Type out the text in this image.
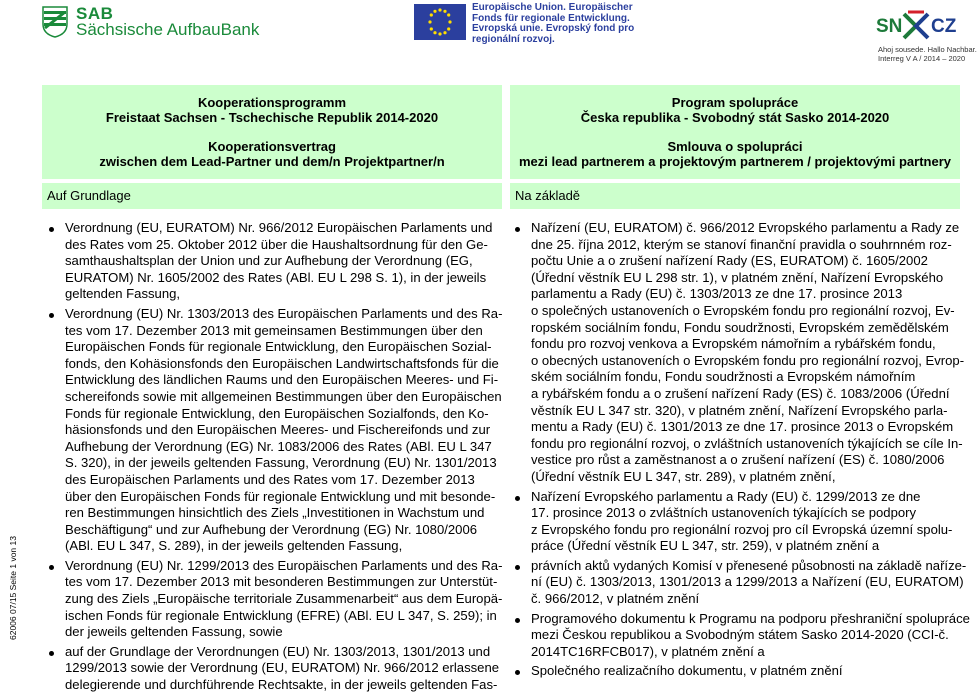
SAB
Sächsische AufbauBank
Europäische Union. Europäischer
Fonds für regionale Entwicklung.
Evropská unie. Evropský fond pro
regionální rozvoj.
SN CZ
Ahoj sousede. Hallo Nachbar.
Interreg V A / 2014 – 2020
Kooperationsprogramm
Freistaat Sachsen - Tschechische Republik 2014-2020
Kooperationsvertrag
zwischen dem Lead-Partner und dem/n Projektpartner/n
Program spolupráce
Česka republika - Svobodný stát Sasko 2014-2020
Smlouva o spolupráci
mezi lead partnerem a projektovým partnerem / projektovými partnery
Auf Grundlage	Na základě
Verordnung (EU, EURATOM) Nr. 966/2012 Europäischen Parlaments und
des Rates vom 25. Oktober 2012 über die Haushaltsordnung für den Ge-
samthaushaltsplan der Union und zur Aufhebung der Verordnung (EG,
EURATOM) Nr. 1605/2002 des Rates (ABl. EU L 298 S. 1), in der jeweils
geltenden Fassung,
Verordnung (EU) Nr. 1303/2013 des Europäischen Parlaments und des Ra-
tes vom 17. Dezember 2013 mit gemeinsamen Bestimmungen über den
Europäischen Fonds für regionale Entwicklung, den Europäischen Sozial-
fonds, den Kohäsionsfonds den Europäischen Landwirtschaftsfonds für die
Entwicklung des ländlichen Raums und den Europäischen Meeres- und Fi-
schereifonds sowie mit allgemeinen Bestimmungen über den Europäischen
Fonds für regionale Entwicklung, den Europäischen Sozialfonds, den Ko-
häsionsfonds und den Europäischen Meeres- und Fischereifonds und zur
Aufhebung der Verordnung (EG) Nr. 1083/2006 des Rates (ABl. EU L 347
S. 320), in der jeweils geltenden Fassung, Verordnung (EU) Nr. 1301/2013
des Europäischen Parlaments und des Rates vom 17. Dezember 2013
über den Europäischen Fonds für regionale Entwicklung und mit besonde-
ren Bestimmungen hinsichtlich des Ziels „Investitionen in Wachstum und
Beschäftigung“ und zur Aufhebung der Verordnung (EG) Nr. 1080/2006
(ABl. EU L 347, S. 289), in der jeweils geltenden Fassung,
Verordnung (EU) Nr. 1299/2013 des Europäischen Parlaments und des Ra-
tes vom 17. Dezember 2013 mit besonderen Bestimmungen zur Unterstüt-
zung des Ziels „Europäische territoriale Zusammenarbeit“ aus dem Europä-
ischen Fonds für regionale Entwicklung (EFRE) (ABl. EU L 347, S. 259); in
der jeweils geltenden Fassung, sowie
auf der Grundlage der Verordnungen (EU) Nr. 1303/2013, 1301/2013 und
1299/2013 sowie der Verordnung (EU, EURATOM) Nr. 966/2012 erlassene
delegierende und durchführende Rechtsakte, in der jeweils geltenden Fas-
Nařízení (EU, EURATOM) č. 966/2012 Evropského parlamentu a Rady ze
dne 25. října 2012, kterým se stanoví finanční pravidla o souhrnném roz-
počtu Unie a o zrušení nařízení Rady (ES, EURATOM) č. 1605/2002
(Úřední věstník EU L 298 str. 1), v platném znění, Nařízení Evropského
parlamentu a Rady (EU) č. 1303/2013 ze dne 17. prosince 2013
o společných ustanoveních o Evropském fondu pro regionální rozvoj, Ev-
ropském sociálním fondu, Fondu soudržnosti, Evropském zemědělském
fondu pro rozvoj venkova a Evropském námořním a rybářském fondu,
o obecných ustanoveních o Evropském fondu pro regionální rozvoj, Evrop-
ském sociálním fondu, Fondu soudržnosti a Evropském námořním
a rybářském fondu a o zrušení nařízení Rady (ES) č. 1083/2006 (Úřední
věstník EU L 347 str. 320), v platném znění, Nařízení Evropského parla-
mentu a Rady (EU) č. 1301/2013 ze dne 17. prosince 2013 o Evropském
fondu pro regionální rozvoj, o zvláštních ustanoveních týkajících se cíle In-
vestice pro růst a zaměstnanost a o zrušení nařízení (ES) č. 1080/2006
(Úřední věstník EU L 347, str. 289), v platném znění,
Nařízení Evropského parlamentu a Rady (EU) č. 1299/2013 ze dne
17. prosince 2013 o zvláštních ustanoveních týkajících se podpory
z Evropského fondu pro regionální rozvoj pro cíl Evropská územní spolu-
práce (Úřední věstník EU L 347, str. 259), v platném znění a
právních aktů vydaných Komisí v přenesené působnosti na základě naříze-
ní (EU) č. 1303/2013, 1301/2013 a 1299/2013 a Nařízení (EU, EURATOM)
č. 966/2012, v platném znění
Programového dokumentu k Programu na podporu přeshraniční spolupráce
mezi Českou republikou a Svobodným státem Sasko 2014-2020 (CCI-č.
2014TC16RFCB017), v platném znění a
Společného realizačního dokumentu, v platném znění
62006 07/15 Seite 1 von 13
